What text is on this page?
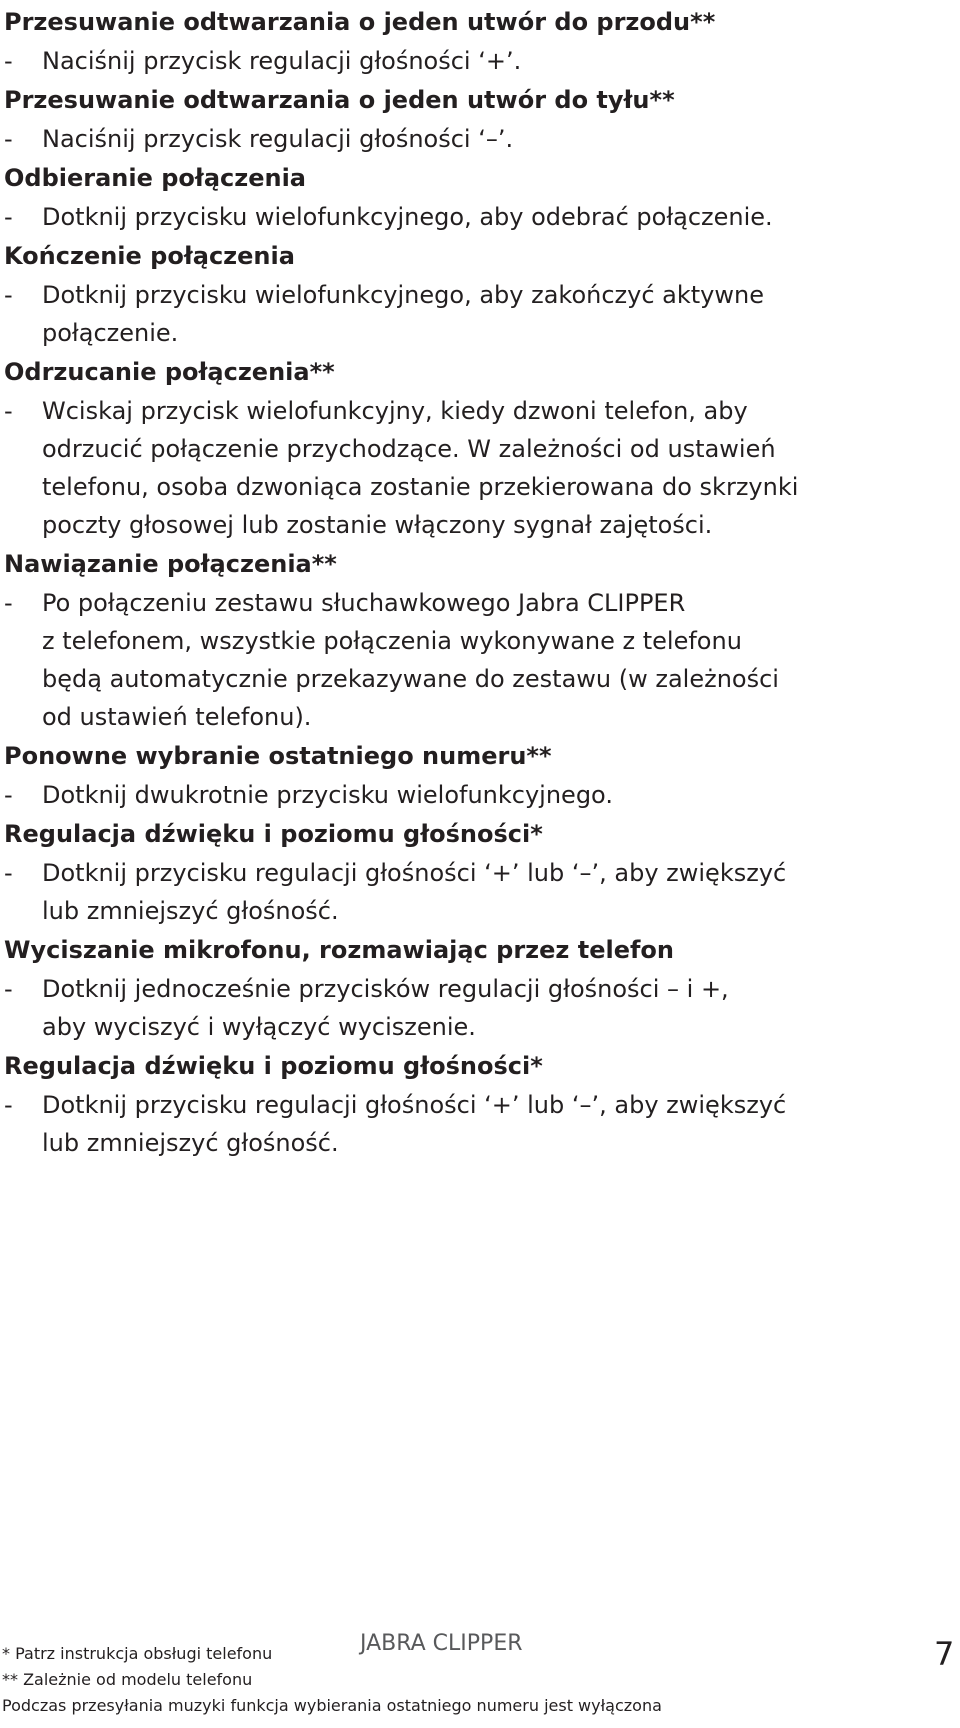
Przesuwanie odtwarzania o jeden utwór do przodu**
-	Naciśnij przycisk regulacji głośności ‘+’.
Przesuwanie odtwarzania o jeden utwór do tyłu**
-	Naciśnij przycisk regulacji głośności ‘–’.
Odbieranie połączenia
-	Dotknij przycisku wielofunkcyjnego, aby odebrać połączenie.
Kończenie połączenia
-	Dotknij przycisku wielofunkcyjnego, aby zakończyć aktywne
połączenie.
Odrzucanie połączenia**
-	Wciskaj przycisk wielofunkcyjny, kiedy dzwoni telefon, aby
odrzucić połączenie przychodzące. W zależności od ustawień
telefonu, osoba dzwoniąca zostanie przekierowana do skrzynki
poczty głosowej lub zostanie włączony sygnał zajętości.
Nawiązanie połączenia**
-	Po połączeniu zestawu słuchawkowego Jabra CLIPPER
z telefonem, wszystkie połączenia wykonywane z telefonu
będą automatycznie przekazywane do zestawu (w zależności
od ustawień telefonu).
Ponowne wybranie ostatniego numeru**
-	Dotknij dwukrotnie przycisku wielofunkcyjnego.
Regulacja dźwięku i poziomu głośności*
-	Dotknij przycisku regulacji głośności ‘+’ lub ‘–’, aby zwiększyć
lub zmniejszyć głośność.
Wyciszanie mikrofonu, rozmawiając przez telefon
-	Dotknij jednocześnie przycisków regulacji głośności – i +,
aby wyciszyć i wyłączyć wyciszenie.
Regulacja dźwięku i poziomu głośności*
-	Dotknij przycisku regulacji głośności ‘+’ lub ‘–’, aby zwiększyć
lub zmniejszyć głośność.
* Patrz instrukcja obsługi telefonu
** Zależnie od modelu telefonu
Podczas przesyłania muzyki funkcja wybierania ostatniego numeru jest wyłączona
JABRA CLIPPER	7
